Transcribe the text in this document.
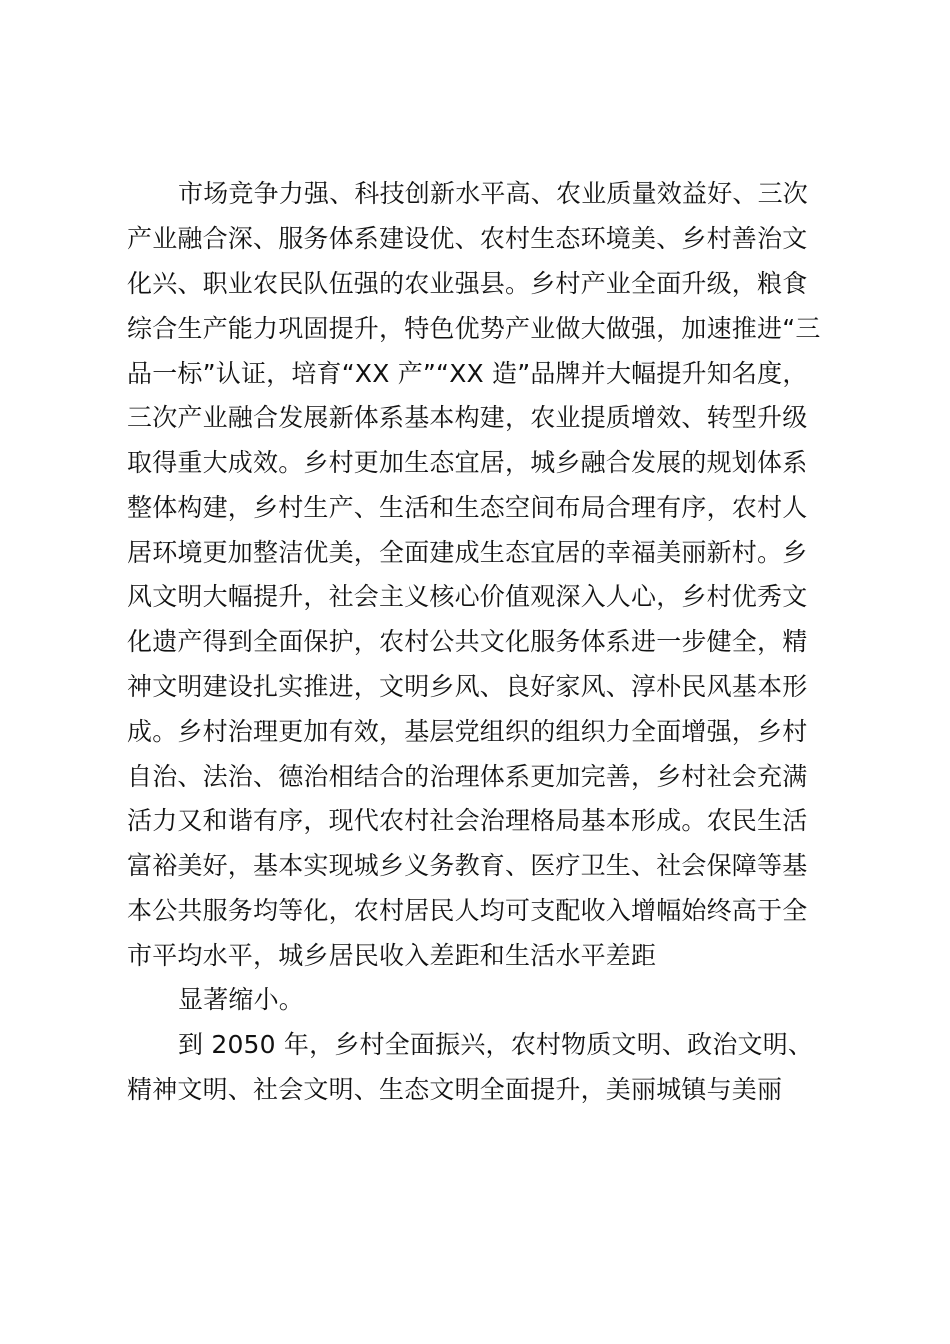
市场竞争力强、科技创新水平高、农业质量效益好、三次
产业融合深、服务体系建设优、农村生态环境美、乡村善治文
化兴、职业农民队伍强的农业强县。乡村产业全面升级，粮食
综合生产能力巩固提升，特色优势产业做大做强，加速推进“三
品一标”认证，培育“XX 产”“XX 造”品牌并大幅提升知名度，
三次产业融合发展新体系基本构建，农业提质增效、转型升级
取得重大成效。乡村更加生态宜居，城乡融合发展的规划体系
整体构建，乡村生产、生活和生态空间布局合理有序，农村人
居环境更加整洁优美，全面建成生态宜居的幸福美丽新村。乡
风文明大幅提升，社会主义核心价值观深入人心，乡村优秀文
化遗产得到全面保护，农村公共文化服务体系进一步健全，精
神文明建设扎实推进，文明乡风、良好家风、淳朴民风基本形
成。乡村治理更加有效，基层党组织的组织力全面增强，乡村
自治、法治、德治相结合的治理体系更加完善，乡村社会充满
活力又和谐有序，现代农村社会治理格局基本形成。农民生活
富裕美好，基本实现城乡义务教育、医疗卫生、社会保障等基
本公共服务均等化，农村居民人均可支配收入增幅始终高于全
市平均水平，城乡居民收入差距和生活水平差距
显著缩小。
到 2050 年，乡村全面振兴，农村物质文明、政治文明、
精神文明、社会文明、生态文明全面提升，美丽城镇与美丽
